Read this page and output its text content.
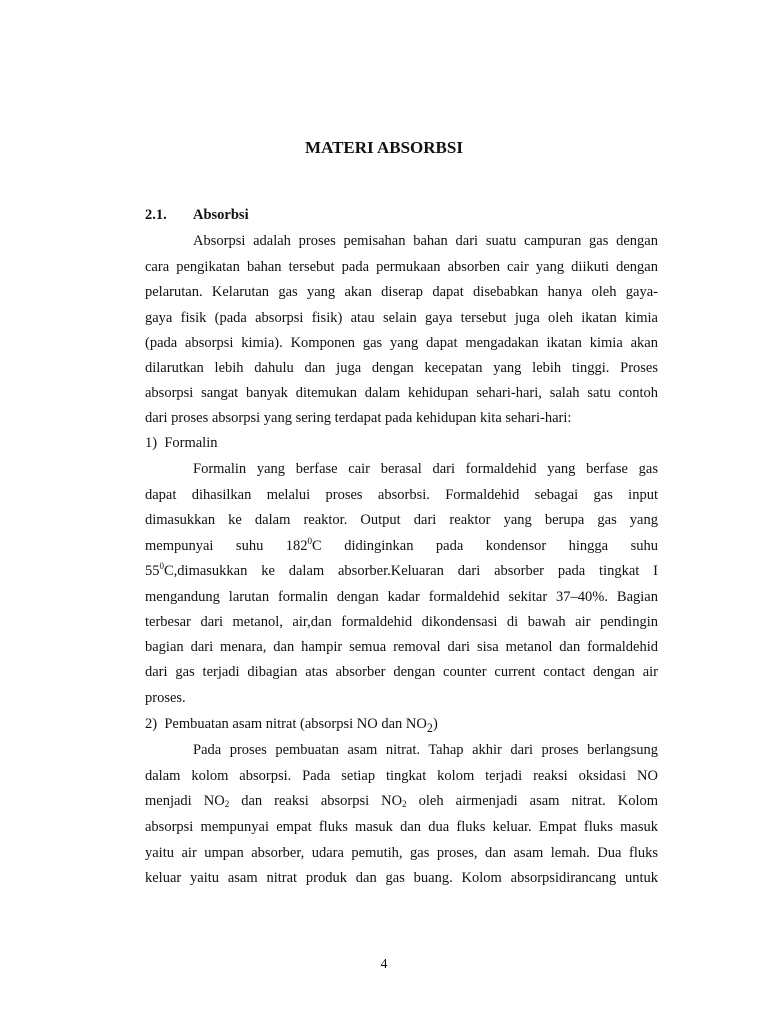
MATERI ABSORBSI
2.1.	Absorbsi
Absorpsi adalah proses pemisahan bahan dari suatu campuran gas dengan
cara pengikatan bahan tersebut pada permukaan absorben cair yang diikuti dengan
pelarutan. Kelarutan gas yang akan diserap dapat disebabkan hanya oleh gaya-
gaya fisik (pada absorpsi fisik) atau selain gaya tersebut juga oleh ikatan kimia
(pada absorpsi kimia). Komponen gas yang dapat mengadakan ikatan kimia akan
dilarutkan lebih dahulu dan juga dengan kecepatan yang lebih tinggi. Proses
absorpsi sangat banyak ditemukan dalam kehidupan sehari-hari, salah satu contoh
dari proses absorpsi yang sering terdapat pada kehidupan kita sehari-hari:
1)  Formalin
Formalin yang berfase cair berasal dari formaldehid yang berfase gas
dapat dihasilkan melalui proses absorbsi. Formaldehid sebagai gas input
dimasukkan ke dalam reaktor. Output dari reaktor yang berupa gas yang
mempunyai suhu $182^0C$ didinginkan pada kondensor hingga suhu
$55^0C,dimasukkan$ ke dalam absorber.Keluaran dari absorber pada tingkat I
mengandung larutan formalin dengan kadar formaldehid sekitar 37–40%. Bagian
terbesar dari metanol, air,dan formaldehid dikondensasi di bawah air pendingin
bagian dari menara, dan hampir semua removal dari sisa metanol dan formaldehid
dari gas terjadi dibagian atas absorber dengan counter current contact dengan air
proses.
2)  Pembuatan asam nitrat (absorpsi NO dan $NO_2$)
Pada proses pembuatan asam nitrat. Tahap akhir dari proses berlangsung
dalam kolom absorpsi. Pada setiap tingkat kolom terjadi reaksi oksidasi NO
menjadi $NO_2$ dan reaksi absorpsi $NO_2$ oleh airmenjadi asam nitrat. Kolom
absorpsi mempunyai empat fluks masuk dan dua fluks keluar. Empat fluks masuk
yaitu air umpan absorber, udara pemutih, gas proses, dan asam lemah. Dua fluks
keluar yaitu asam nitrat produk dan gas buang. Kolom absorpsidirancang untuk
4
